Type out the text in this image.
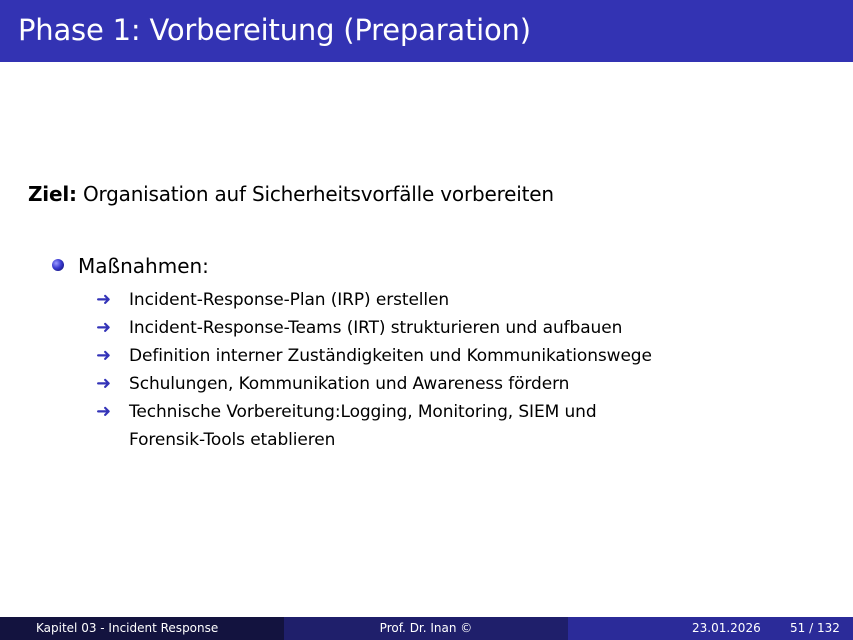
Phase 1: Vorbereitung (Preparation)
Ziel: Organisation auf Sicherheitsvorfälle vorbereiten
Maßnahmen:
➜ Incident-Response-Plan (IRP) erstellen
➜ Incident-Response-Teams (IRT) strukturieren und aufbauen
➜ Definition interner Zuständigkeiten und Kommunikationswege
➜ Schulungen, Kommunikation und Awareness fördern
➜ Technische Vorbereitung:Logging, Monitoring, SIEM und
Forensik-Tools etablieren
Kapitel 03 - Incident Response	Prof. Dr. Inan ©	23.01.2026 51 / 132
